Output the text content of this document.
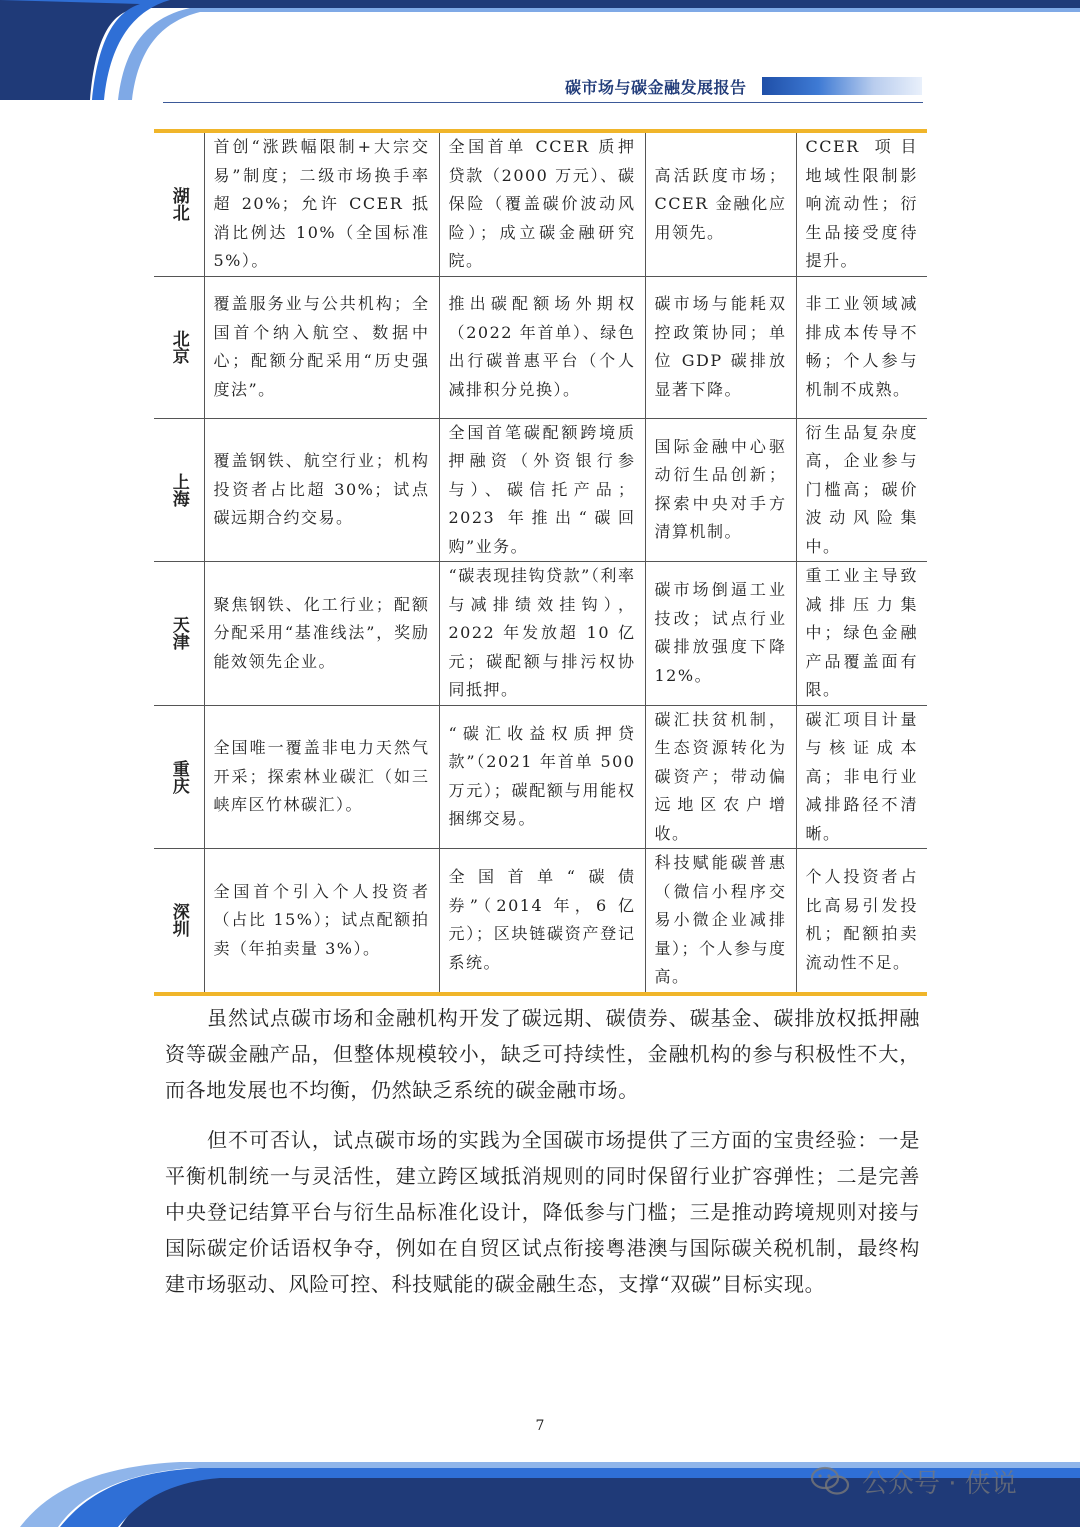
碳市场与碳金融发展报告
湖北	首创“涨跌幅限制+大宗交易”制度；二级市场换手率超 20%；允许 CCER 抵消比例达 10%（全国标准 5%）。	全国首单 CCER 质押贷款（2000 万元）、碳保险（覆盖碳价波动风险）；成立碳金融研究院。	高活跃度市场；CCER 金融化应用领先。	CCER 项目地域性限制影响流动性；衍生品接受度待提升。
北京	覆盖服务业与公共机构；全国首个纳入航空、数据中心；配额分配采用“历史强度法”。	推出碳配额场外期权（2022 年首单）、绿色出行碳普惠平台（个人减排积分兑换）。	碳市场与能耗双控政策协同；单位 GDP 碳排放显著下降。	非工业领域减排成本传导不畅；个人参与机制不成熟。
上海	覆盖钢铁、航空行业；机构投资者占比超 30%；试点碳远期合约交易。	全国首笔碳配额跨境质押融资（外资银行参与）、碳信托产品；2023 年推出“碳回购”业务。	国际金融中心驱动衍生品创新；探索中央对手方清算机制。	衍生品复杂度高，企业参与门槛高；碳价波动风险集中。
天津	聚焦钢铁、化工行业；配额分配采用“基准线法”，奖励能效领先企业。	“碳表现挂钩贷款”（利率与减排绩效挂钩），2022 年发放超 10 亿元；碳配额与排污权协同抵押。	碳市场倒逼工业技改；试点行业碳排放强度下降 12%。	重工业主导致减排压力集中；绿色金融产品覆盖面有限。
重庆	全国唯一覆盖非电力天然气开采；探索林业碳汇（如三峡库区竹林碳汇）。	“碳汇收益权质押贷款”（2021 年首单 500 万元）；碳配额与用能权捆绑交易。	碳汇扶贫机制，生态资源转化为碳资产；带动偏远地区农户增收。	碳汇项目计量与核证成本高；非电行业减排路径不清晰。
深圳	全国首个引入个人投资者（占比 15%）；试点配额拍卖（年拍卖量 3%）。	全国首单“碳债券”（2014 年，6 亿元）；区块链碳资产登记系统。	科技赋能碳普惠（微信小程序交易小微企业减排量）；个人参与度高。	个人投资者占比高易引发投机；配额拍卖流动性不足。

虽然试点碳市场和金融机构开发了碳远期、碳债券、碳基金、碳排放权抵押融资等碳金融产品，但整体规模较小，缺乏可持续性，金融机构的参与积极性不大，而各地发展也不均衡，仍然缺乏系统的碳金融市场。

但不可否认，试点碳市场的实践为全国碳市场提供了三方面的宝贵经验：一是平衡机制统一与灵活性，建立跨区域抵消规则的同时保留行业扩容弹性；二是完善中央登记结算平台与衍生品标准化设计，降低参与门槛；三是推动跨境规则对接与国际碳定价话语权争夺，例如在自贸区试点衔接粤港澳与国际碳关税机制，最终构建市场驱动、风险可控、科技赋能的碳金融生态，支撑“双碳”目标实现。

7
公众号 · 侠说
